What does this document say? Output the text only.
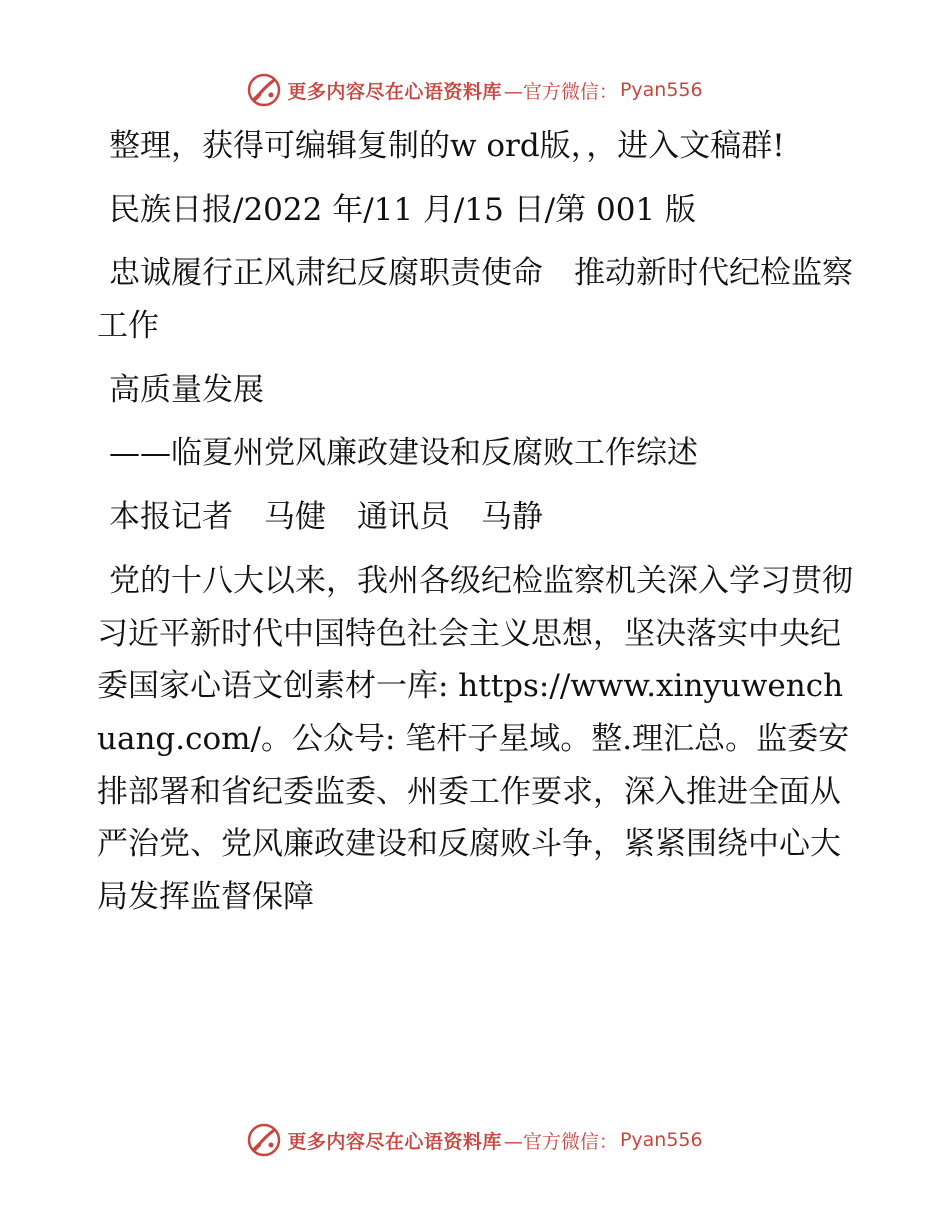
更多内容尽在心语资料库 —官方微信： Pyan556

整理，获得可编辑复制的w ord版，，进入文稿群!

民族日报/2022 年/11 月/15 日/第 001 版

忠诚履行正风肃纪反腐职责使命　推动新时代纪检监察工作

高质量发展

——临夏州党风廉政建设和反腐败工作综述

本报记者　马健　通讯员　马静

党的十八大以来，我州各级纪检监察机关深入学习贯彻习近平新时代中国特色社会主义思想，坚决落实中央纪委国家心语文创素材一库: https://www.xinyuwenchuang.com/。公众号: 笔杆子星域。整.理汇总。监委安排部署和省纪委监委、州委工作要求，深入推进全面从严治党、党风廉政建设和反腐败斗争，紧紧围绕中心大局发挥监督保障

更多内容尽在心语资料库 —官方微信： Pyan556
